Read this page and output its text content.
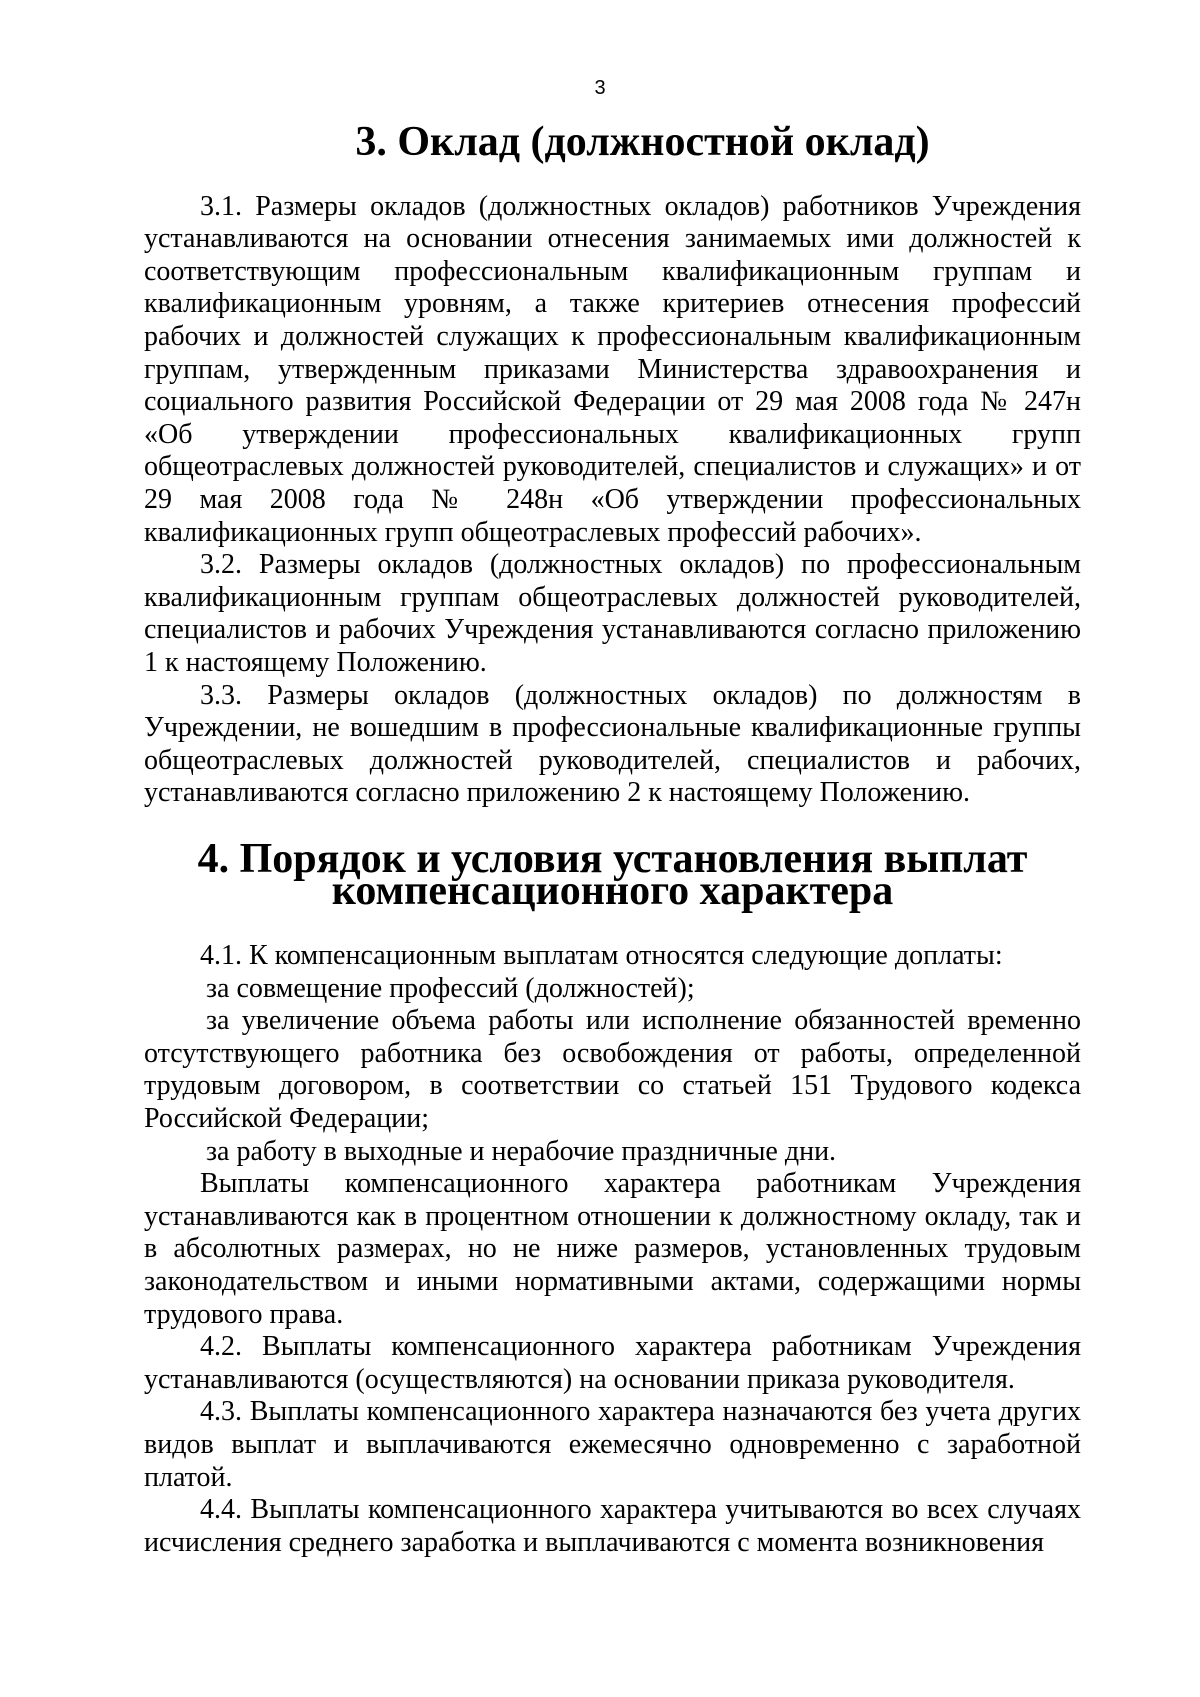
3
3. Оклад (должностной оклад)

3.1. Размеры окладов (должностных окладов) работников Учреждения устанавливаются на основании отнесения занимаемых ими должностей к соответствующим профессиональным квалификационным группам и квалификационным уровням, а также критериев отнесения профессий рабочих и должностей служащих к профессиональным квалификационным группам, утвержденным приказами Министерства здравоохранения и социального развития Российской Федерации от 29 мая 2008 года № 247н «Об утверждении профессиональных квалификационных групп общеотраслевых должностей руководителей, специалистов и служащих» и от 29 мая 2008 года № 248н «Об утверждении профессиональных квалификационных групп общеотраслевых профессий рабочих».

3.2. Размеры окладов (должностных окладов) по профессиональным квалификационным группам общеотраслевых должностей руководителей, специалистов и рабочих Учреждения устанавливаются согласно приложению 1 к настоящему Положению.

3.3. Размеры окладов (должностных окладов) по должностям в Учреждении, не вошедшим в профессиональные квалификационные группы общеотраслевых должностей руководителей, специалистов и рабочих, устанавливаются согласно приложению 2 к настоящему Положению.

4. Порядок и условия установления выплат
компенсационного характера

4.1. К компенсационным выплатам относятся следующие доплаты:

за совмещение профессий (должностей);

за увеличение объема работы или исполнение обязанностей временно отсутствующего работника без освобождения от работы, определенной трудовым договором, в соответствии со статьей 151 Трудового кодекса Российской Федерации;

за работу в выходные и нерабочие праздничные дни.

Выплаты компенсационного характера работникам Учреждения устанавливаются как в процентном отношении к должностному окладу, так и в абсолютных размерах, но не ниже размеров, установленных трудовым законодательством и иными нормативными актами, содержащими нормы трудового права.

4.2. Выплаты компенсационного характера работникам Учреждения устанавливаются (осуществляются) на основании приказа руководителя.

4.3. Выплаты компенсационного характера назначаются без учета других видов выплат и выплачиваются ежемесячно одновременно с заработной платой.

4.4. Выплаты компенсационного характера учитываются во всех случаях исчисления среднего заработка и выплачиваются с момента возникновения
